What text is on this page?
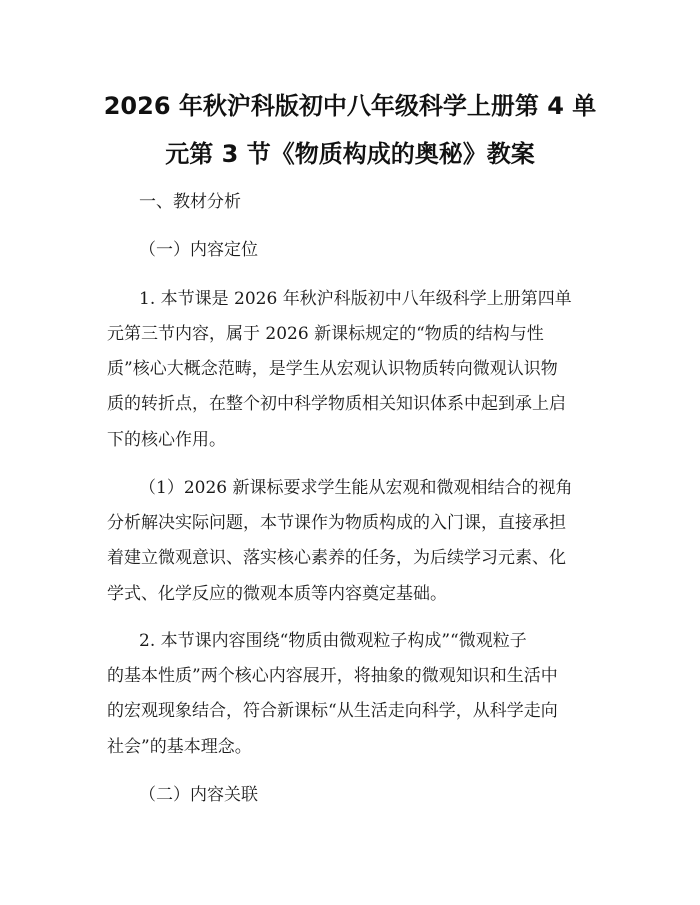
2026 年秋沪科版初中八年级科学上册第 4 单
元第 3 节《物质构成的奥秘》教案
一、教材分析
（一）内容定位
1. 本节课是 2026 年秋沪科版初中八年级科学上册第四单
元第三节内容，属于 2026 新课标规定的“物质的结构与性
质”核心大概念范畴，是学生从宏观认识物质转向微观认识物
质的转折点，在整个初中科学物质相关知识体系中起到承上启
下的核心作用。
（1）2026 新课标要求学生能从宏观和微观相结合的视角
分析解决实际问题，本节课作为物质构成的入门课，直接承担
着建立微观意识、落实核心素养的任务，为后续学习元素、化
学式、化学反应的微观本质等内容奠定基础。
2. 本节课内容围绕“物质由微观粒子构成”“微观粒子
的基本性质”两个核心内容展开，将抽象的微观知识和生活中
的宏观现象结合，符合新课标“从生活走向科学，从科学走向
社会”的基本理念。
（二）内容关联
